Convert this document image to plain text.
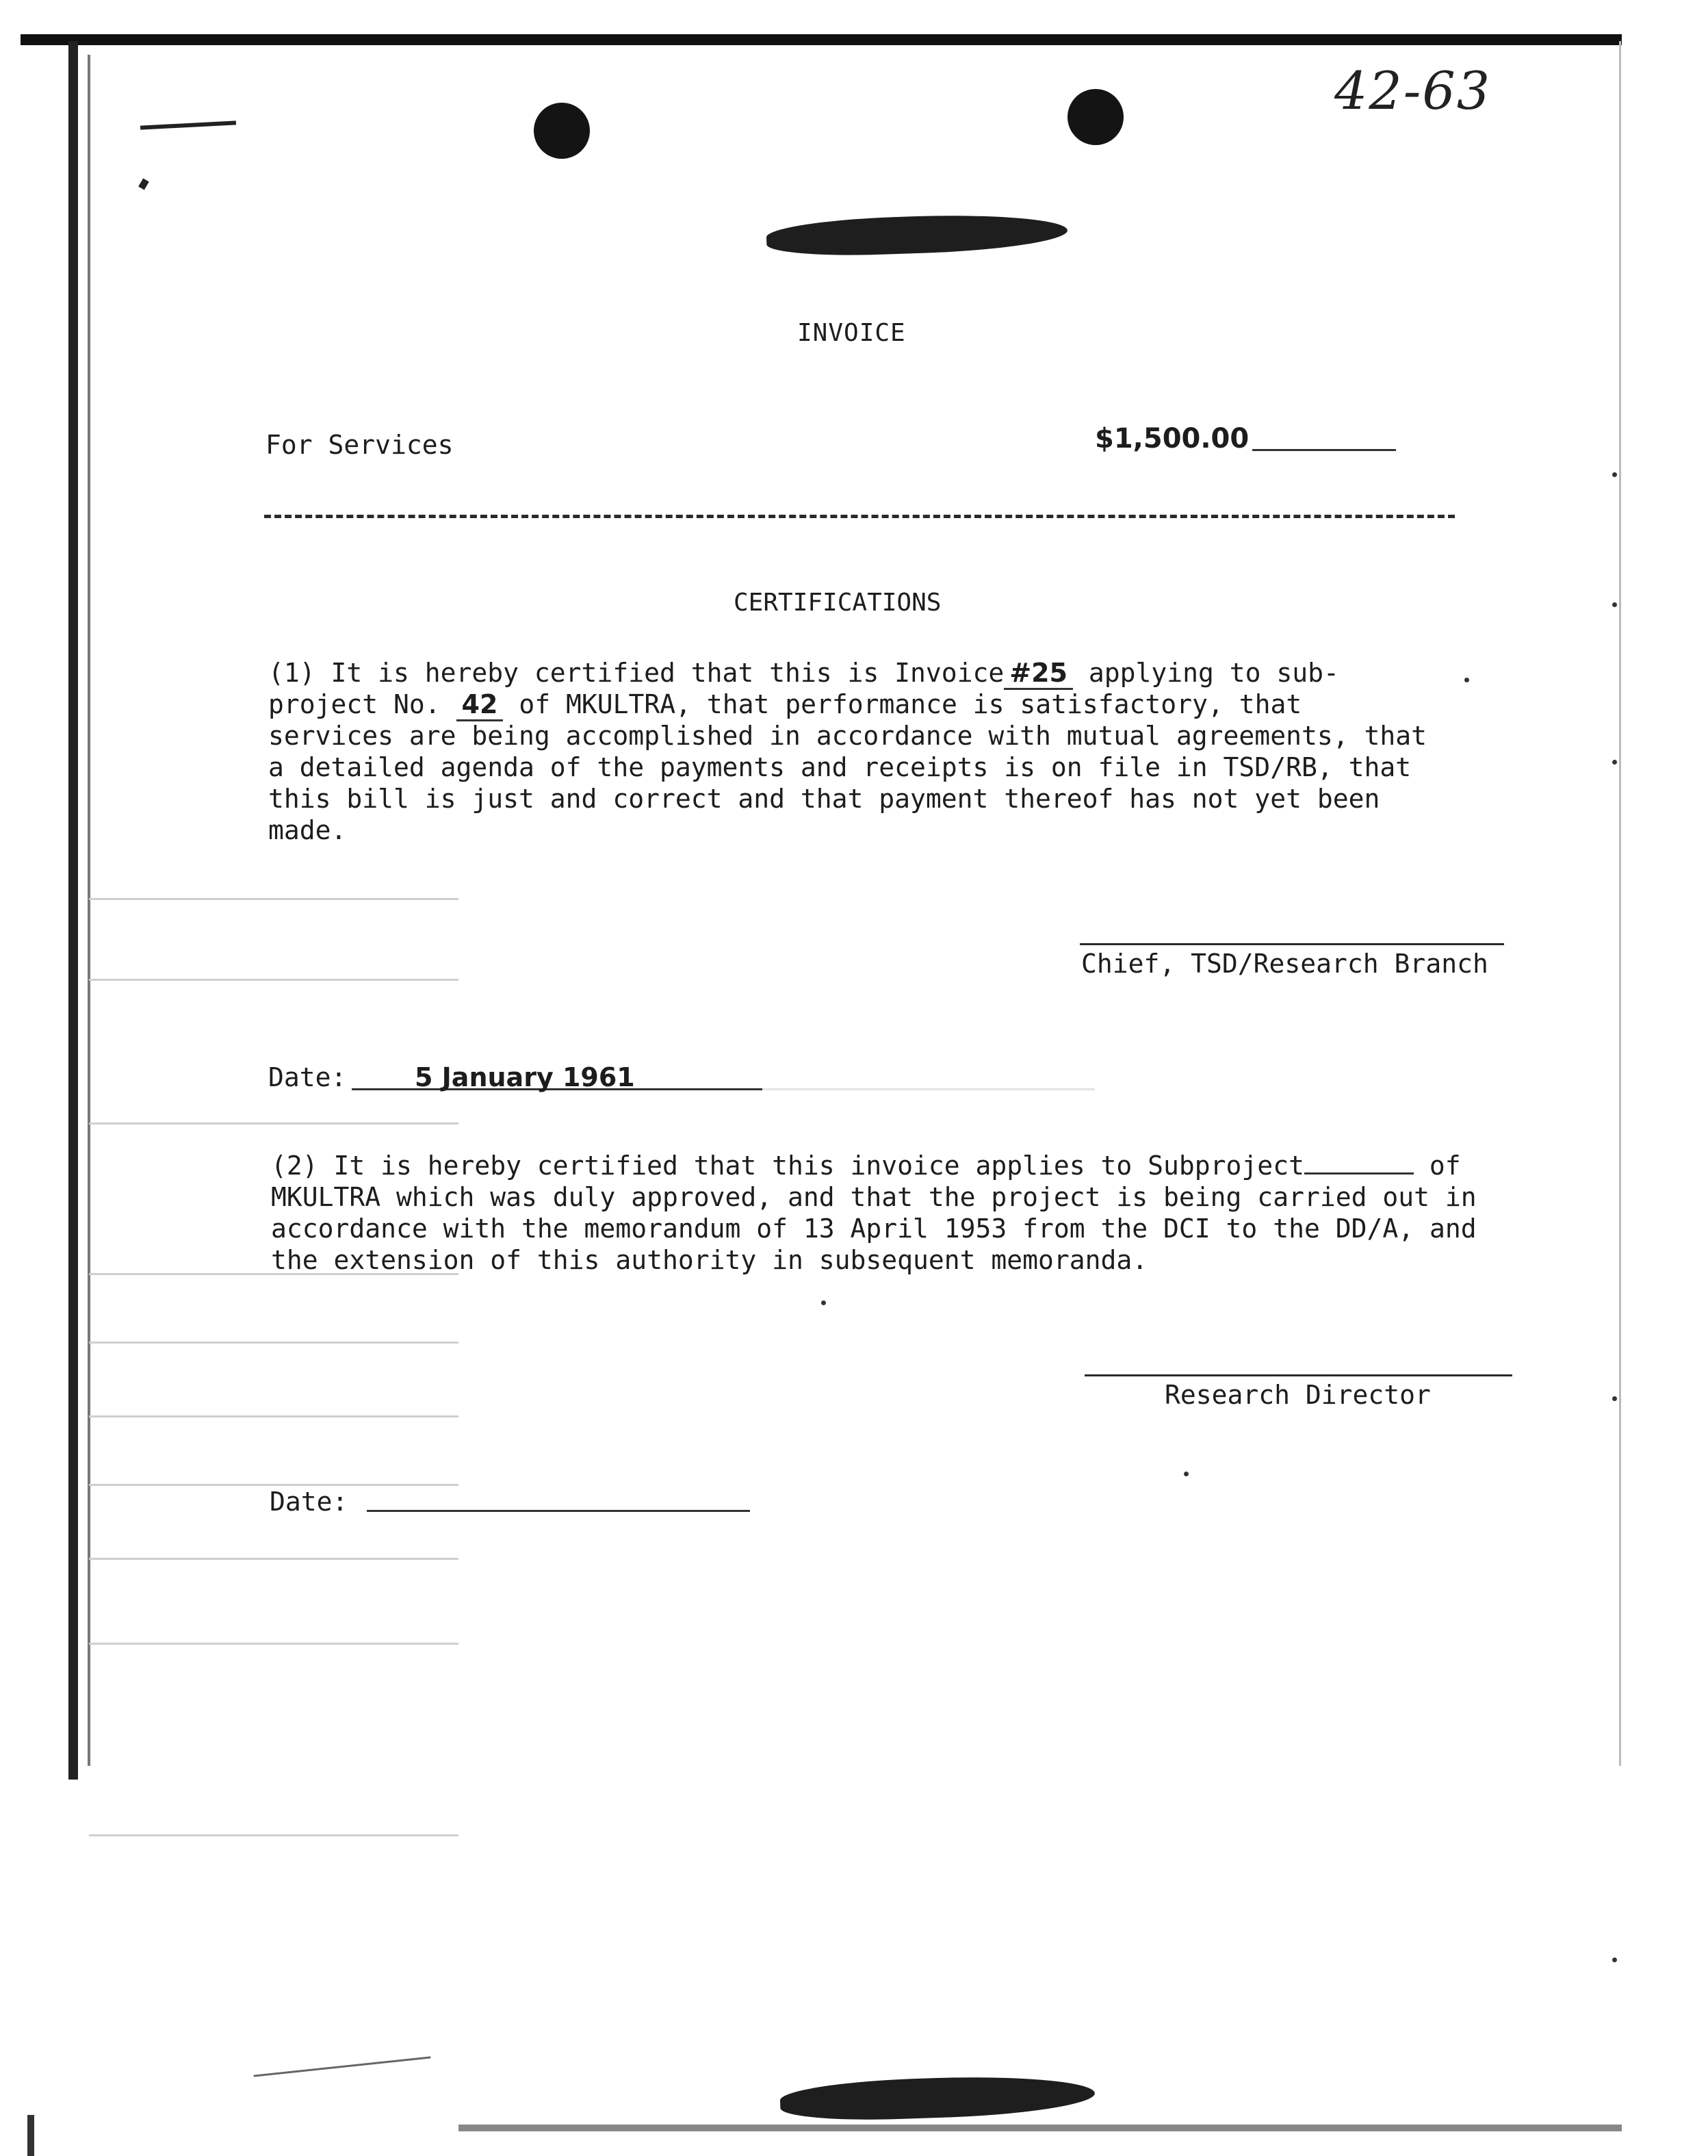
42-63
INVOICE
For Services	$1,500.00
CERTIFICATIONS
(1) It is hereby certified that this is Invoice #25 applying to sub-project No. 42 of MKULTRA, that performance is satisfactory, that services are being accomplished in accordance with mutual agreements, that a detailed agenda of the payments and receipts is on file in TSD/RB, that this bill is just and correct and that payment thereof has not yet been made.
Chief, TSD/Research Branch
Date:	5 January 1961
(2) It is hereby certified that this invoice applies to Subproject	of MKULTRA which was duly approved, and that the project is being carried out in accordance with the memorandum of 13 April 1953 from the DCI to the DD/A, and the extension of this authority in subsequent memoranda.
Research Director
Date:
